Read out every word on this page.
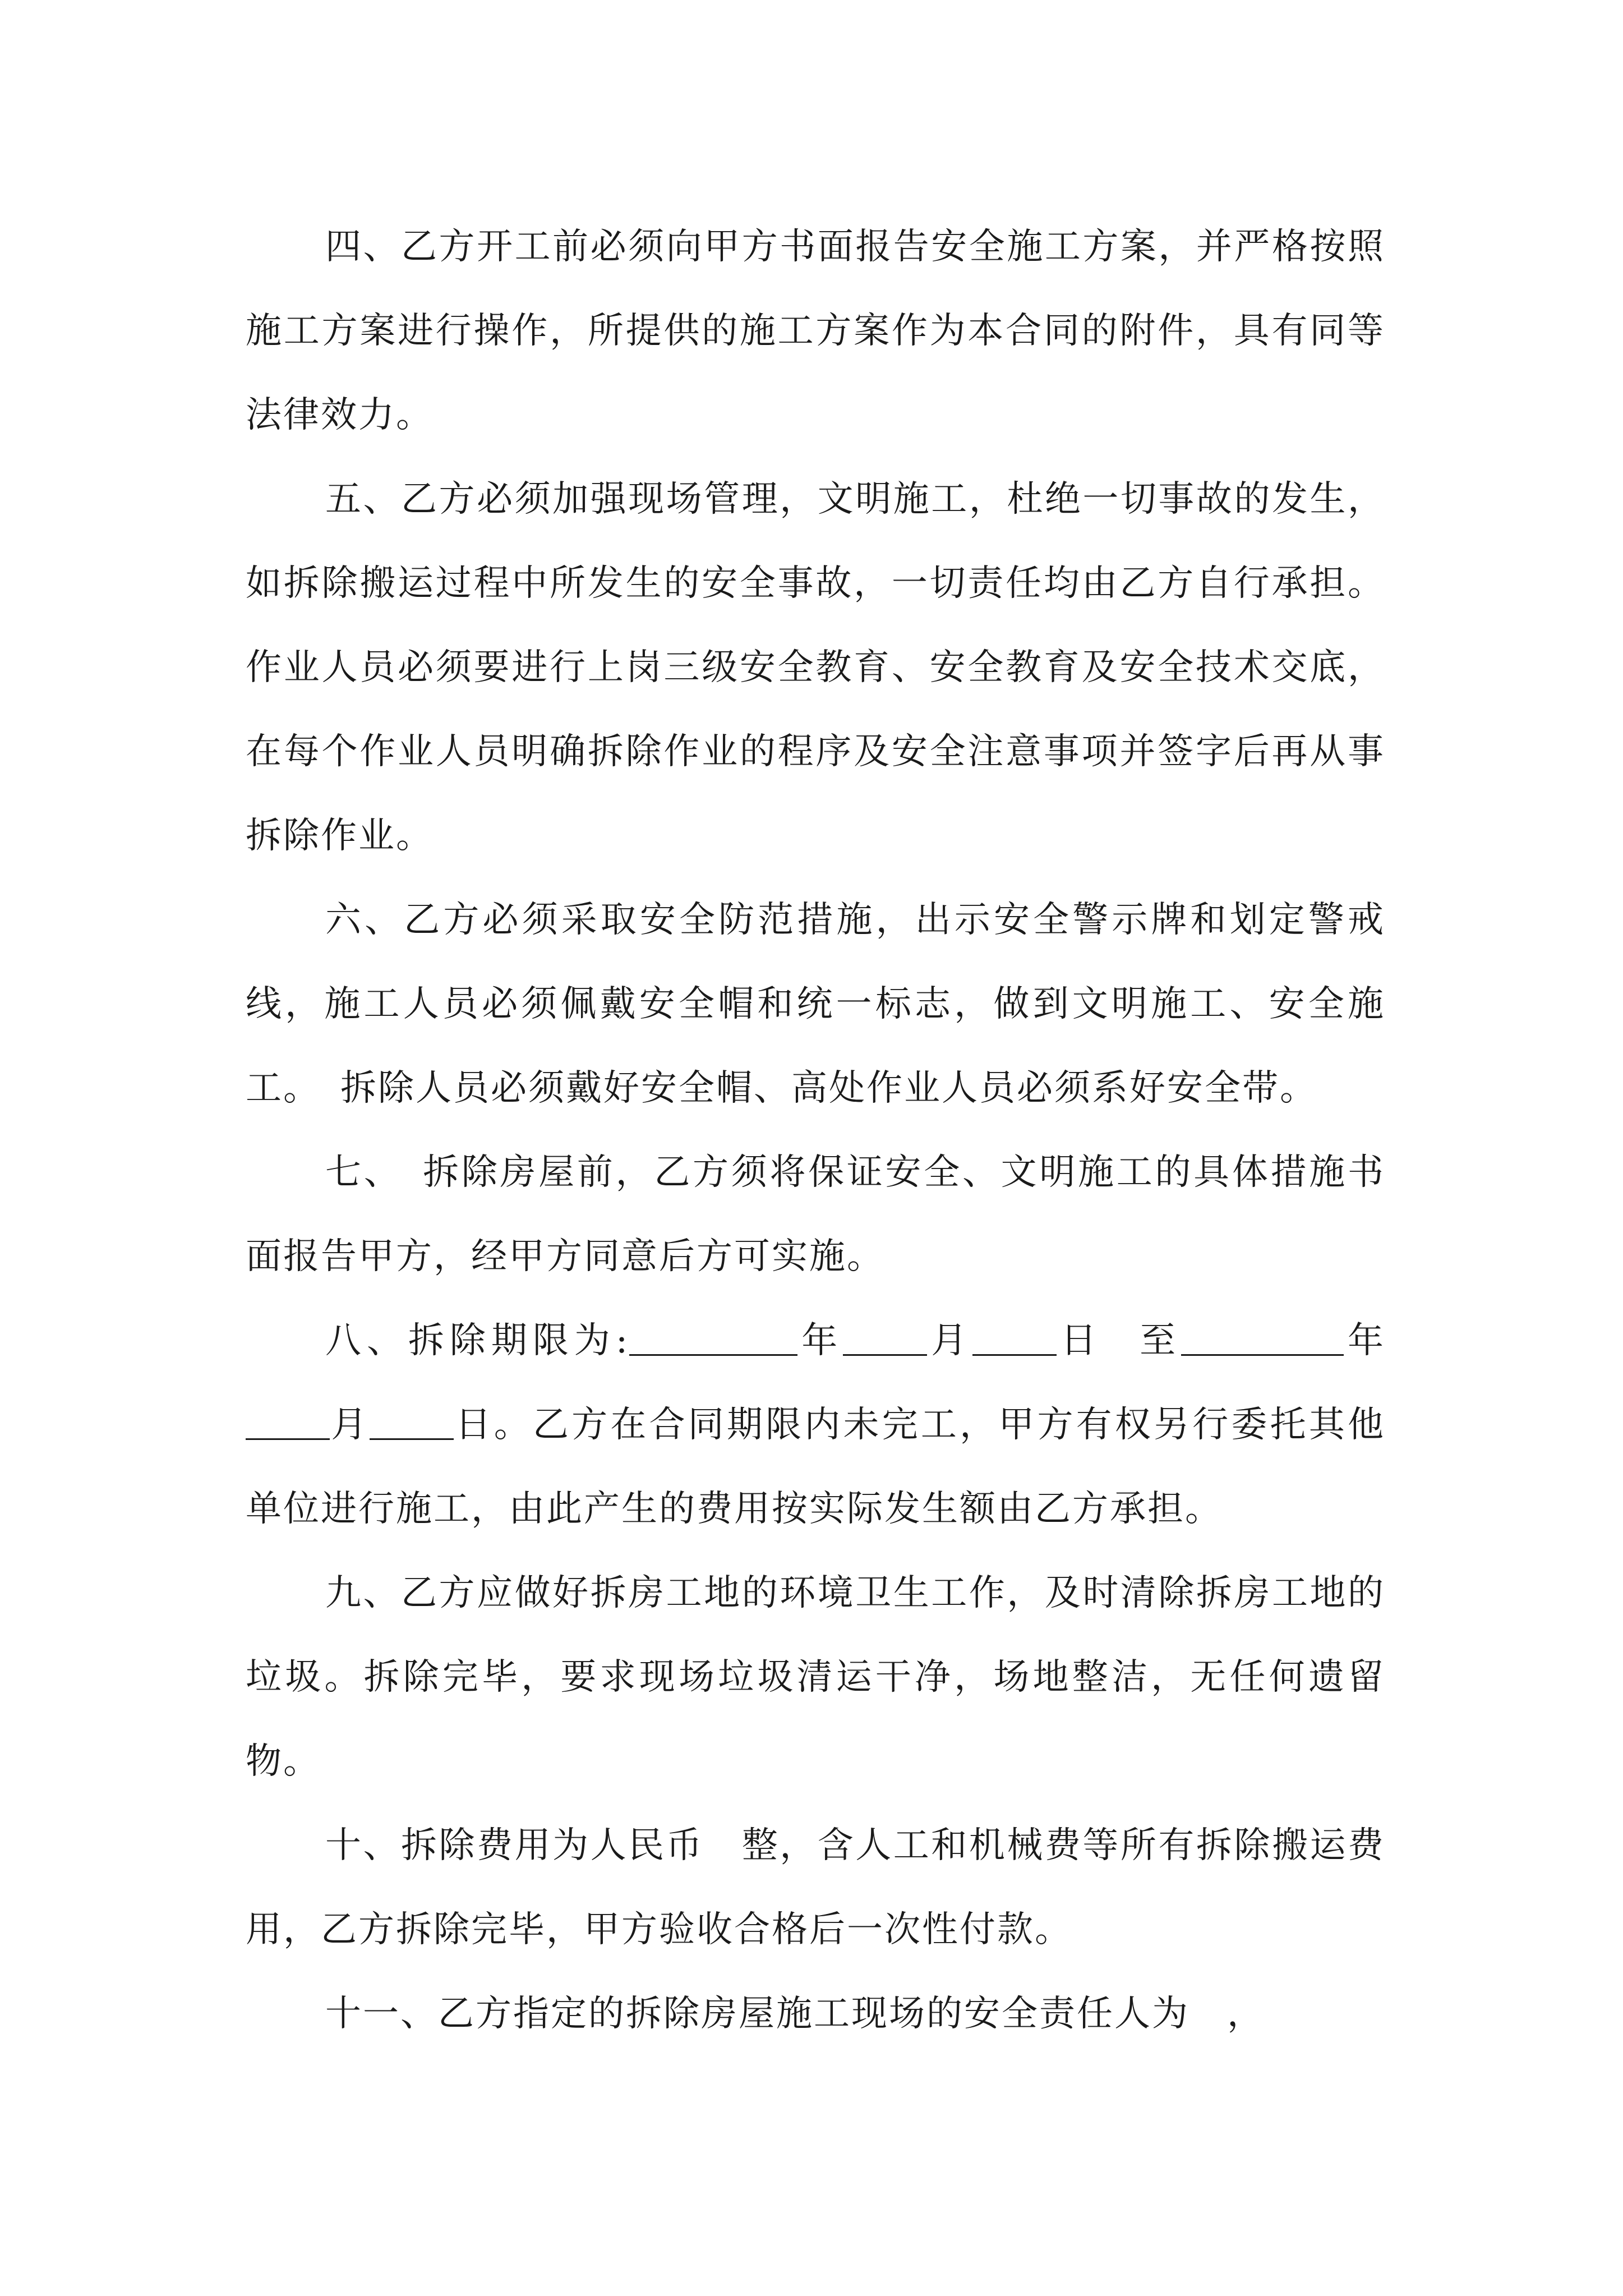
四、乙方开工前必须向甲方书面报告安全施工方案，并严格按照施工方案进行操作，所提供的施工方案作为本合同的附件，具有同等法律效力。

五、乙方必须加强现场管理，文明施工，杜绝一切事故的发生，如拆除搬运过程中所发生的安全事故，一切责任均由乙方自行承担。作业人员必须要进行上岗三级安全教育、安全教育及安全技术交底，在每个作业人员明确拆除作业的程序及安全注意事项并签字后再从事拆除作业。

六、乙方必须采取安全防范措施，出示安全警示牌和划定警戒线，施工人员必须佩戴安全帽和统一标志，做到文明施工、安全施工。　拆除人员必须戴好安全帽、高处作业人员必须系好安全带。

七、　拆除房屋前，乙方须将保证安全、文明施工的具体措施书面报告甲方，经甲方同意后方可实施。

八、拆除期限为:	年 月 日 至	年月 日。乙方在合同期限内未完工，甲方有权另行委托其他单位进行施工，由此产生的费用按实际发生额由乙方承担。

九、乙方应做好拆房工地的环境卫生工作，及时清除拆房工地的垃圾。拆除完毕，要求现场垃圾清运干净，场地整洁，无任何遗留物。

十、拆除费用为人民币　整，含人工和机械费等所有拆除搬运费用，乙方拆除完毕，甲方验收合格后一次性付款。

十一、乙方指定的拆除房屋施工现场的安全责任人为　，
